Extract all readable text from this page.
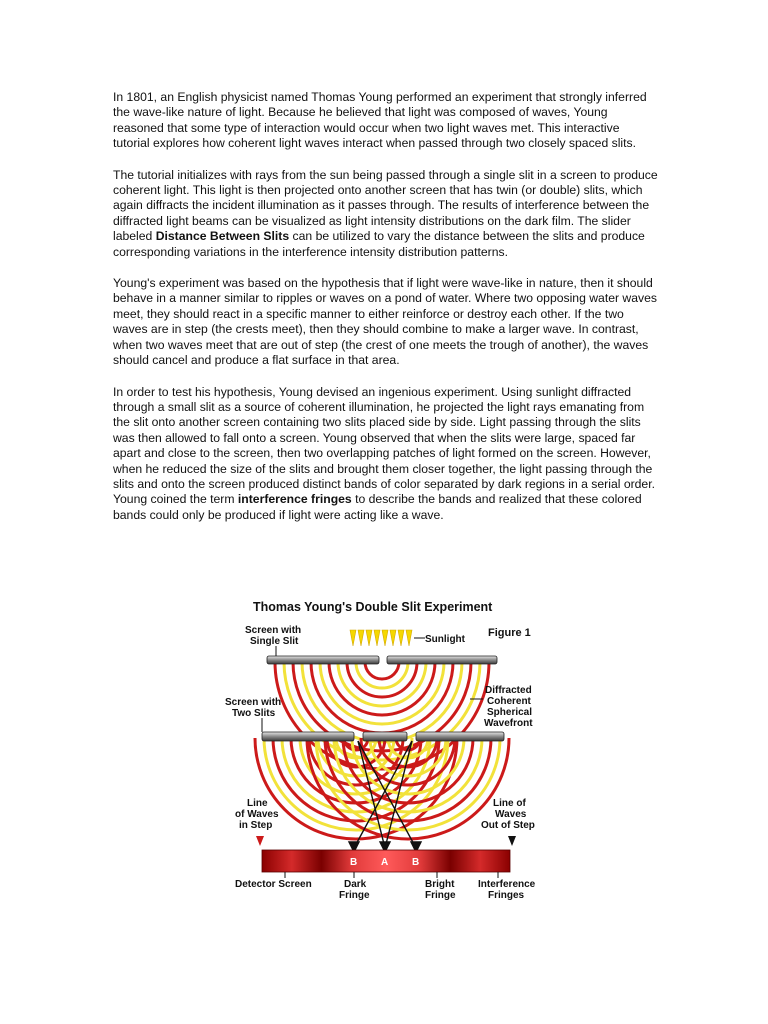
In 1801, an English physicist named Thomas Young performed an experiment that strongly inferred the wave-like nature of light. Because he believed that light was composed of waves, Young reasoned that some type of interaction would occur when two light waves met. This interactive tutorial explores how coherent light waves interact when passed through two closely spaced slits.

The tutorial initializes with rays from the sun being passed through a single slit in a screen to produce coherent light. This light is then projected onto another screen that has twin (or double) slits, which again diffracts the incident illumination as it passes through. The results of interference between the diffracted light beams can be visualized as light intensity distributions on the dark film. The slider labeled Distance Between Slits can be utilized to vary the distance between the slits and produce corresponding variations in the interference intensity distribution patterns.

Young's experiment was based on the hypothesis that if light were wave-like in nature, then it should behave in a manner similar to ripples or waves on a pond of water. Where two opposing water waves meet, they should react in a specific manner to either reinforce or destroy each other. If the two waves are in step (the crests meet), then they should combine to make a larger wave. In contrast, when two waves meet that are out of step (the crest of one meets the trough of another), the waves should cancel and produce a flat surface in that area.

In order to test his hypothesis, Young devised an ingenious experiment. Using sunlight diffracted through a small slit as a source of coherent illumination, he projected the light rays emanating from the slit onto another screen containing two slits placed side by side. Light passing through the slits was then allowed to fall onto a screen. Young observed that when the slits were large, spaced far apart and close to the screen, then two overlapping patches of light formed on the screen. However, when he reduced the size of the slits and brought them closer together, the light passing through the slits and onto the screen produced distinct bands of color separated by dark regions in a serial order. Young coined the term interference fringes to describe the bands and realized that these colored bands could only be produced if light were acting like a wave.

Thomas Young's Double Slit Experiment
B A B
Screen with
Single Slit	Sunlight
Figure 1
Diffracted
Coherent
Spherical
Wavefront
Screen with
Two Slits
Line
of Waves
in Step
Line of
Waves
Out of Step
Detector Screen	Dark
Fringe
Bright
Fringe
Interference
Fringes
